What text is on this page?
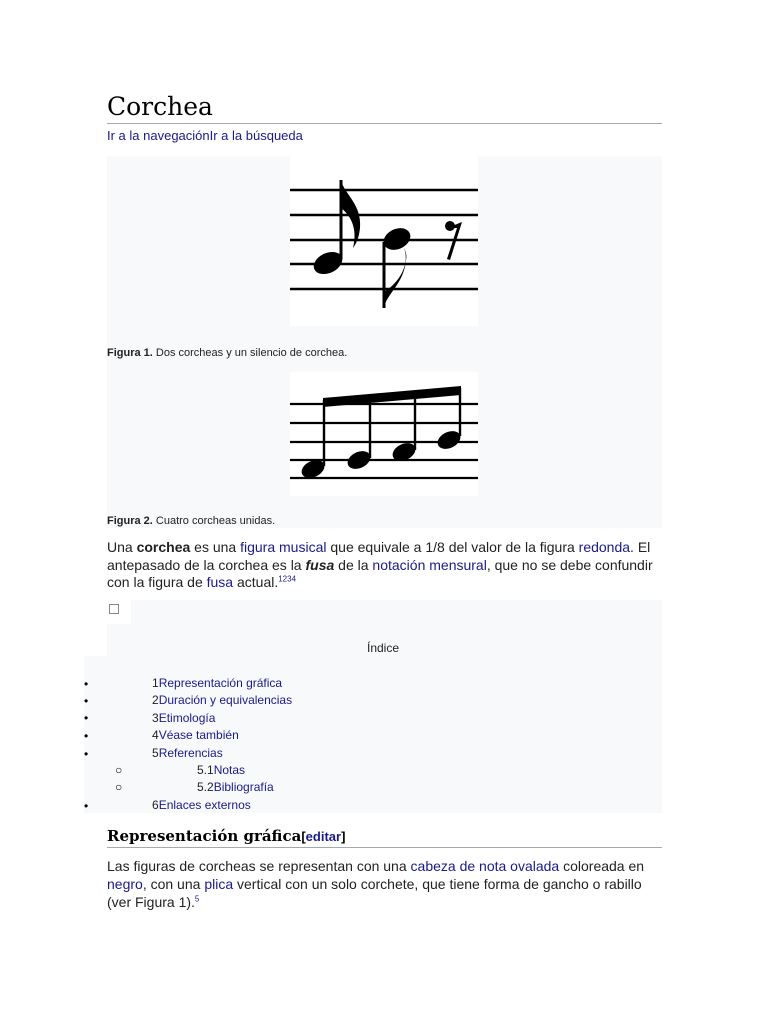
Corchea
Ir a la navegaciónIr a la búsqueda
Figura 1. Dos corcheas y un silencio de corchea.
Figura 2. Cuatro corcheas unidas.

Una corchea es una figura musical que equivale a 1/8 del valor de la figura redonda. El antepasado de la corchea es la fusa de la notación mensural, que no se debe confundir con la figura de fusa actual.$^{1234}$

Índice
•	1Representación gráfica
•	2Duración y equivalencias
•	3Etimología
•	4Véase también
•	5Referencias
○	5.1Notas
○	5.2Bibliografía
•	6Enlaces externos
Representación gráfica[editar]

Las figuras de corcheas se representan con una cabeza de nota ovalada coloreada en negro, con una plica vertical con un solo corchete, que tiene forma de gancho o rabillo (ver Figura 1).$^5$
